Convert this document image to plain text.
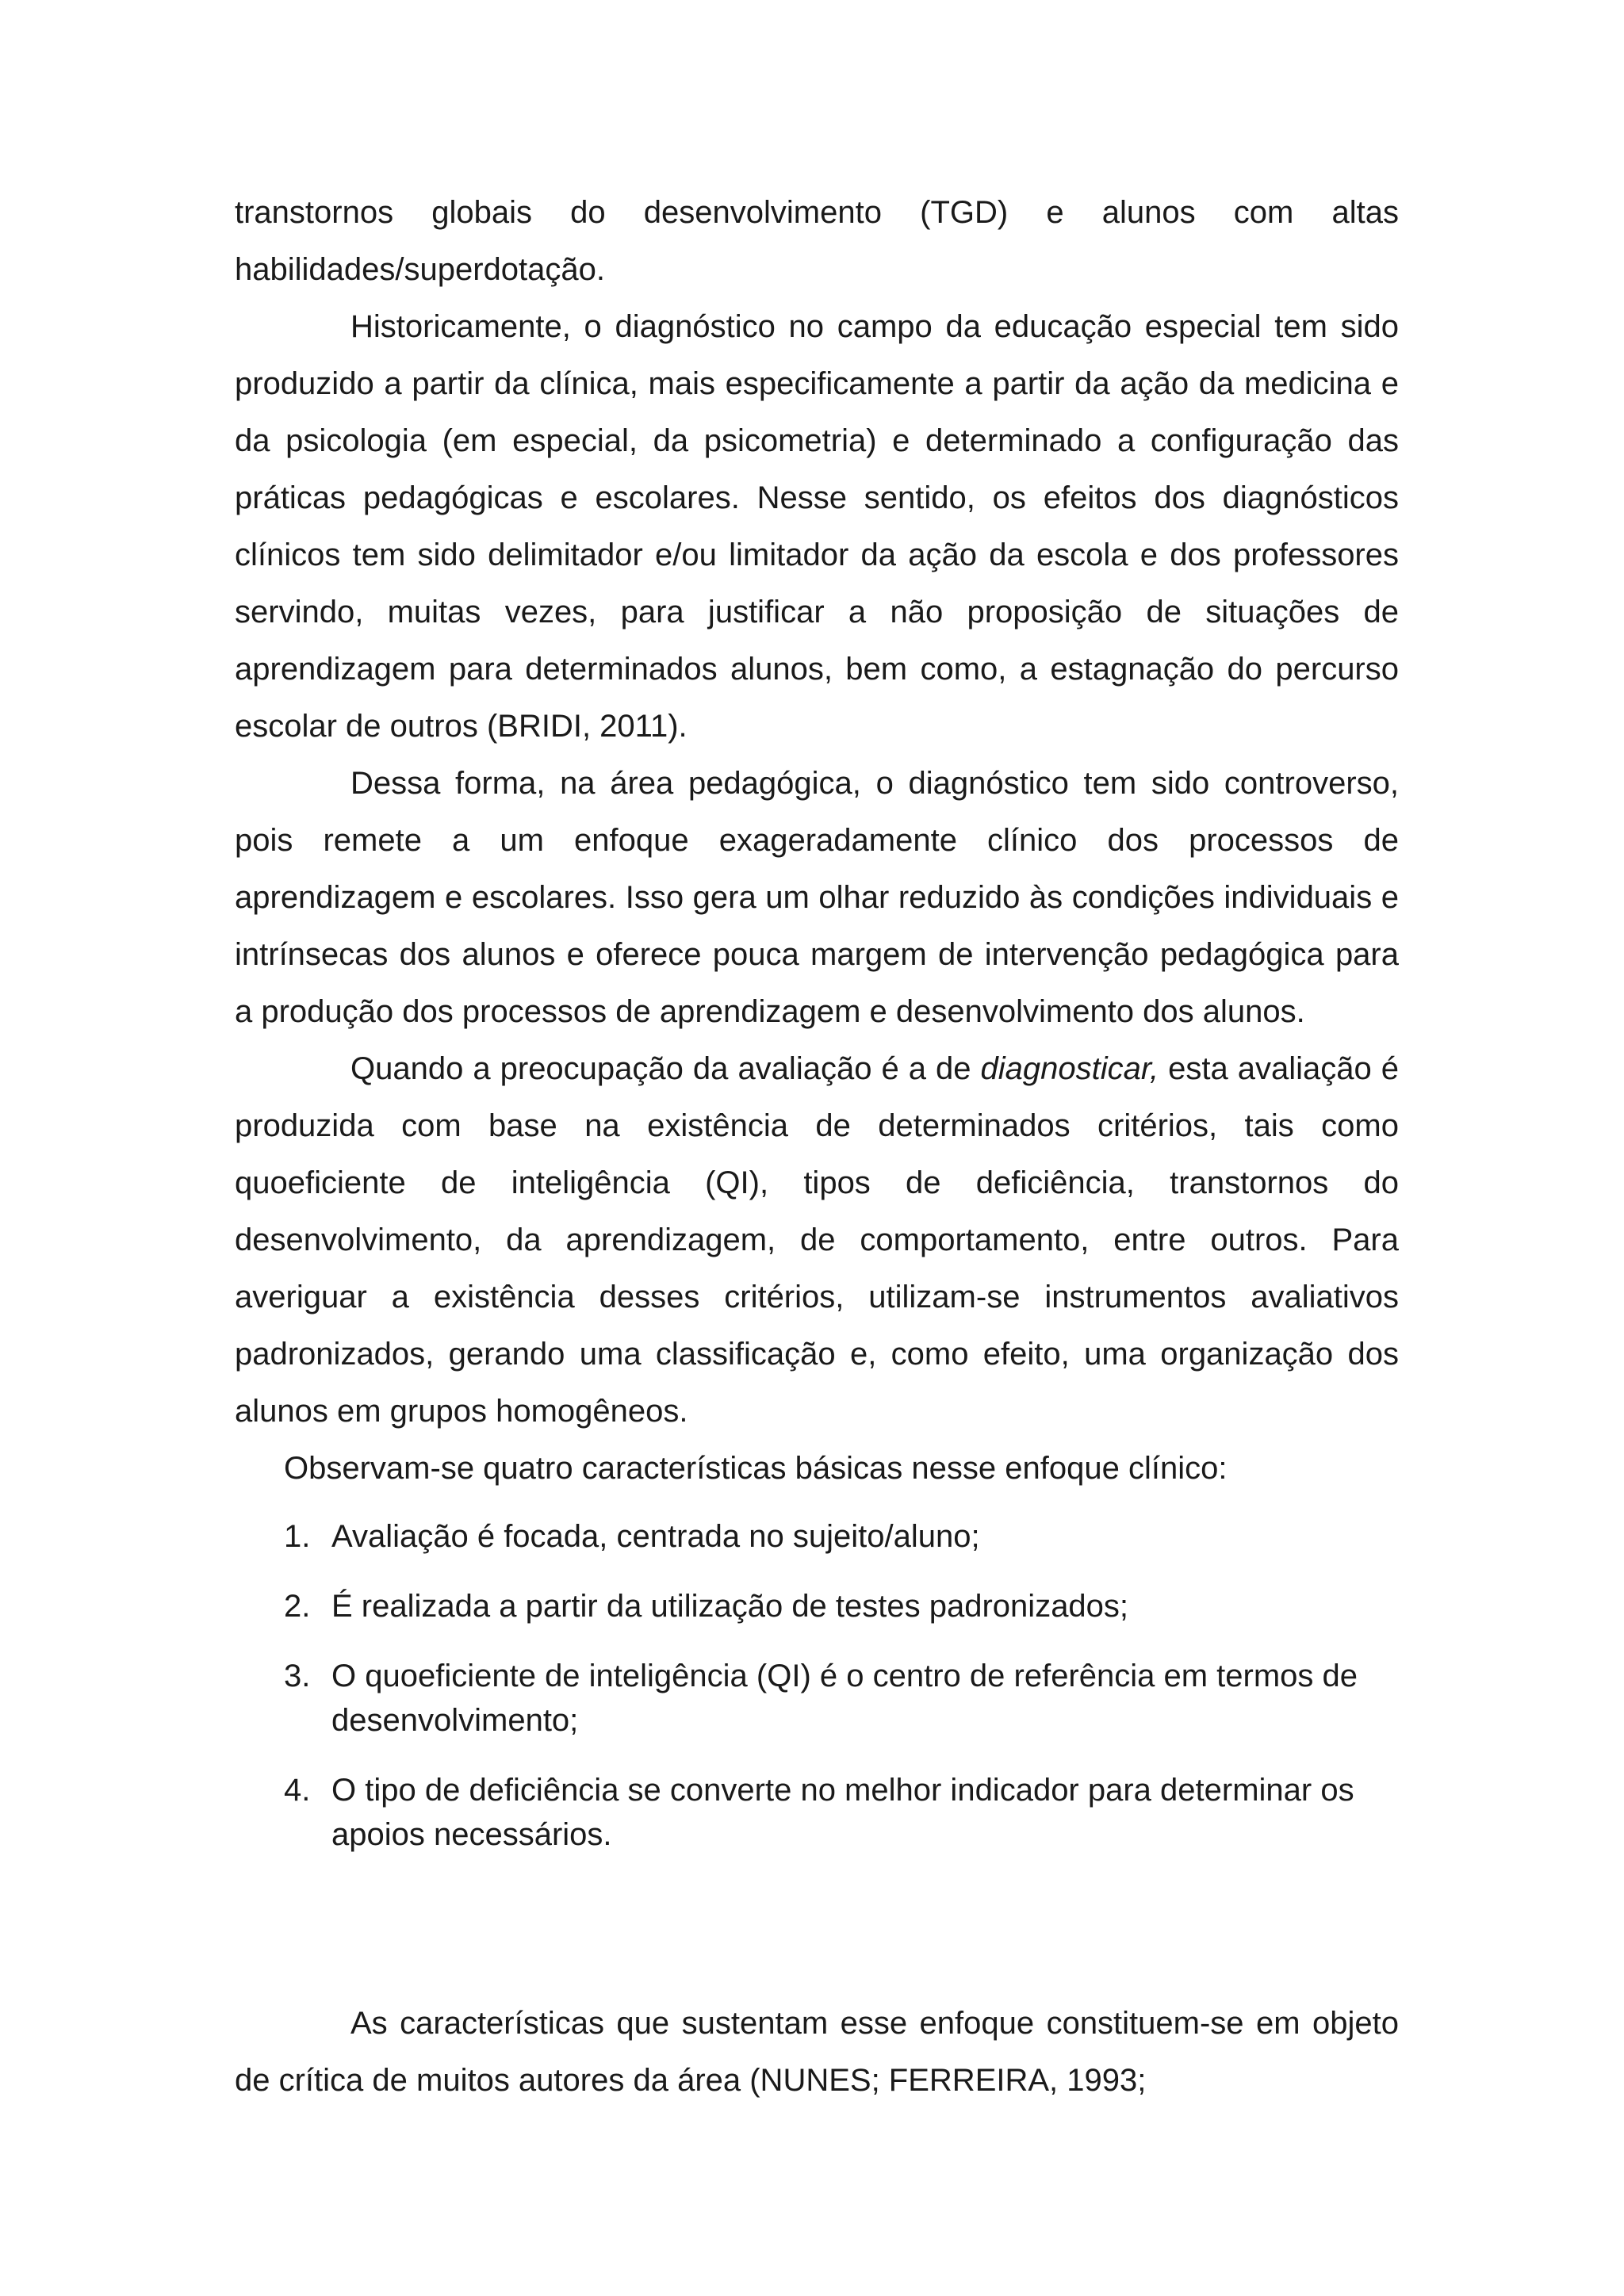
transtornos globais do desenvolvimento (TGD) e alunos com altas habilidades/superdotação.

Historicamente, o diagnóstico no campo da educação especial tem sido produzido a partir da clínica, mais especificamente a partir da ação da medicina e da psicologia (em especial, da psicometria) e determinado a configuração das práticas pedagógicas e escolares. Nesse sentido, os efeitos dos diagnósticos clínicos tem sido delimitador e/ou limitador da ação da escola e dos professores servindo, muitas vezes, para justificar a não proposição de situações de aprendizagem para determinados alunos, bem como, a estagnação do percurso escolar de outros (BRIDI, 2011).

Dessa forma, na área pedagógica, o diagnóstico tem sido controverso, pois remete a um enfoque exageradamente clínico dos processos de aprendizagem e escolares. Isso gera um olhar reduzido às condições individuais e intrínsecas dos alunos e oferece pouca margem de intervenção pedagógica para a produção dos processos de aprendizagem e desenvolvimento dos alunos.

Quando a preocupação da avaliação é a de diagnosticar, esta avaliação é produzida com base na existência de determinados critérios, tais como quoeficiente de inteligência (QI), tipos de deficiência, transtornos do desenvolvimento, da aprendizagem, de comportamento, entre outros. Para averiguar a existência desses critérios, utilizam-se instrumentos avaliativos padronizados, gerando uma classificação e, como efeito, uma organização dos alunos em grupos homogêneos.

Observam-se quatro características básicas nesse enfoque clínico:

1. Avaliação é focada, centrada no sujeito/aluno;
2. É realizada a partir da utilização de testes padronizados;
3. O quoeficiente de inteligência (QI) é o centro de referência em termos de desenvolvimento;
4. O tipo de deficiência se converte no melhor indicador para determinar os apoios necessários.

As características que sustentam esse enfoque constituem-se em objeto de crítica de muitos autores da área (NUNES; FERREIRA, 1993;
